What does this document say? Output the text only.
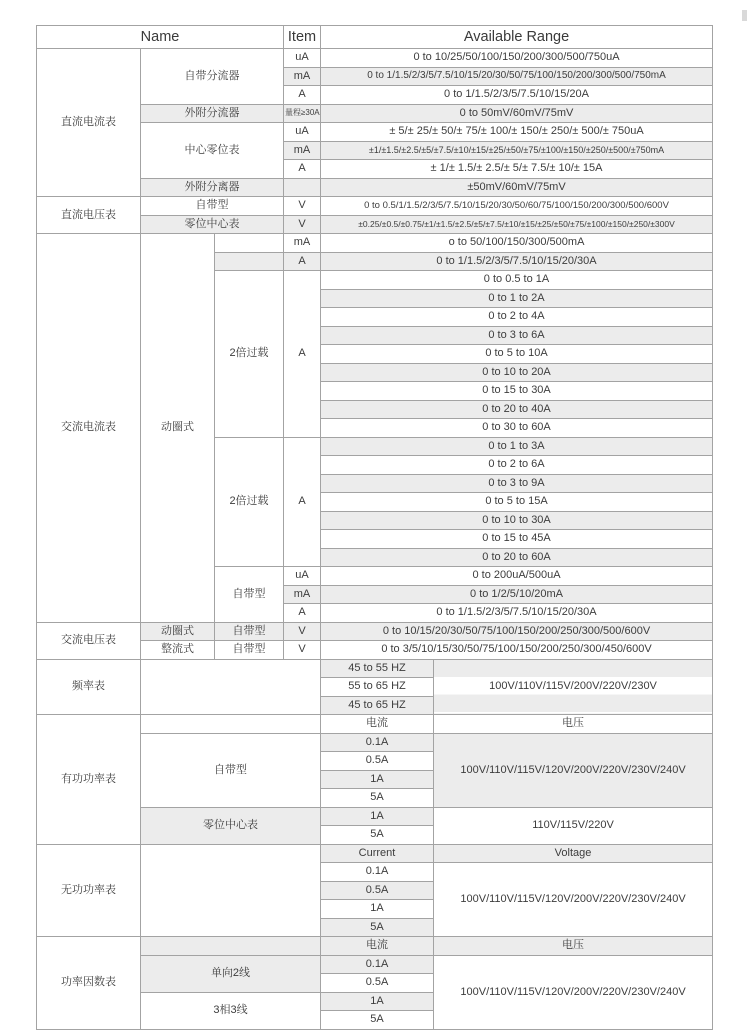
Name			Item	Available Range	
直流电流表	自带分流器		uA	0 to 10/25/50/100/150/200/300/500/750uA	
			mA	0 to 1/1.5/2/3/5/7.5/10/15/20/30/50/75/100/150/200/300/500/750mA	
			A	0 to 1/1.5/2/3/5/7.5/10/15/20A	
	外附分流器		量程≥30A	0 to 50mV/60mV/75mV	
	中心零位表		uA	± 5/± 25/± 50/± 75/± 100/± 150/± 250/± 500/± 750uA	
			mA	±1/±1.5/±2.5/±5/±7.5/±10/±15/±25/±50/±75/±100/±150/±250/±500/±750mA	
			A	± 1/± 1.5/± 2.5/± 5/± 7.5/± 10/± 15A	
	外附分离器			±50mV/60mV/75mV	
直流电压表	自带型		V	0 to 0.5/1/1.5/2/3/5/7.5/10/15/20/30/50/60/75/100/150/200/300/500/600V	
	零位中心表		V	±0.25/±0.5/±0.75/±1/±1.5/±2.5/±5/±7.5/±10/±15/±25/±50/±75/±100/±150/±250/±300V	
交流电流表	动圈式		mA	o to 50/100/150/300/500mA	
			A	0 to 1/1.5/2/3/5/7.5/10/15/20/30A	
		2倍过载	A	0 to 0.5 to 1A	
				0 to 1 to 2A	
				0 to 2 to 4A	
				0 to 3 to 6A	
				0 to 5 to 10A	
				0 to 10 to 20A	
				0 to 15 to 30A	
				0 to 20 to 40A	
				0 to 30 to 60A	
		2倍过载	A	0 to 1 to 3A	
				0 to 2 to 6A	
				0 to 3 to 9A	
				0 to 5 to 15A	
				0 to 10 to 30A	
				0 to 15 to 45A	
				0 to 20 to 60A	
		自带型	uA	0 to 200uA/500uA	
			mA	0 to 1/2/5/10/20mA	
			A	0 to 1/1.5/2/3/5/7.5/10/15/20/30A	
交流电压表	动圈式	自带型	V	0 to 10/15/20/30/50/75/100/150/200/250/300/500/600V	
	整流式	自带型	V	0 to 3/5/10/15/30/50/75/100/150/200/250/300/450/600V	
频率表				45 to 55 HZ	100V/110V/115V/200V/220V/230V
				55 to 65 HZ	
				45 to 65 HZ	
有功功率表				电流	电压
	自带型			0.1A	100V/110V/115V/120V/200V/220V/230V/240V
				0.5A	
				1A	
				5A	
	零位中心表			1A	110V/115V/220V
				5A	
无功功率表				Current	Voltage
				0.1A	100V/110V/115V/120V/200V/220V/230V/240V
				0.5A	
				1A	
				5A	
功率因数表				电流	电压
	单向2线			0.1A	100V/110V/115V/120V/200V/220V/230V/240V
				0.5A	
	3相3线			1A	
				5A	
